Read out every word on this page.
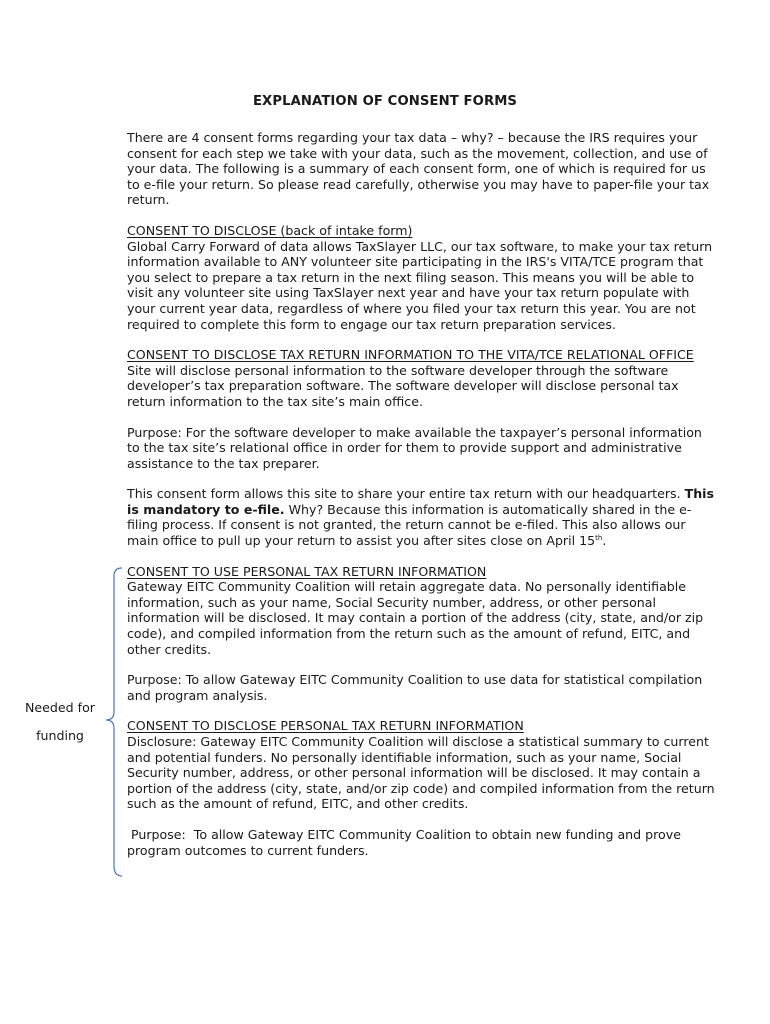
EXPLANATION OF CONSENT FORMS

There are 4 consent forms regarding your tax data – why? – because the IRS requires your consent for each step we take with your data, such as the movement, collection, and use of your data. The following is a summary of each consent form, one of which is required for us to e-file your return. So please read carefully, otherwise you may have to paper-file your tax return.

CONSENT TO DISCLOSE (back of intake form)
Global Carry Forward of data allows TaxSlayer LLC, our tax software, to make your tax return information available to ANY volunteer site participating in the IRS's VITA/TCE program that you select to prepare a tax return in the next filing season. This means you will be able to visit any volunteer site using TaxSlayer next year and have your tax return populate with your current year data, regardless of where you filed your tax return this year. You are not required to complete this form to engage our tax return preparation services.
CONSENT TO DISCLOSE TAX RETURN INFORMATION TO THE VITA/TCE RELATIONAL OFFICE
Site will disclose personal information to the software developer through the software developer’s tax preparation software. The software developer will disclose personal tax return information to the tax site’s main office.

Purpose: For the software developer to make available the taxpayer’s personal information to the tax site’s relational office in order for them to provide support and administrative assistance to the tax preparer.

This consent form allows this site to share your entire tax return with our headquarters. This is mandatory to e-file. Why? Because this information is automatically shared in the e-filing process. If consent is not granted, the return cannot be e-filed. This also allows our main office to pull up your return to assist you after sites close on April 15th.

CONSENT TO USE PERSONAL TAX RETURN INFORMATION
Gateway EITC Community Coalition will retain aggregate data. No personally identifiable information, such as your name, Social Security number, address, or other personal information will be disclosed. It may contain a portion of the address (city, state, and/or zip code), and compiled information from the return such as the amount of refund, EITC, and other credits.

Purpose: To allow Gateway EITC Community Coalition to use data for statistical compilation and program analysis.

CONSENT TO DISCLOSE PERSONAL TAX RETURN INFORMATION
Disclosure: Gateway EITC Community Coalition will disclose a statistical summary to current and potential funders. No personally identifiable information, such as your name, Social Security number, address, or other personal information will be disclosed. It may contain a portion of the address (city, state, and/or zip code) and compiled information from the return such as the amount of refund, EITC, and other credits.

Purpose:  To allow Gateway EITC Community Coalition to obtain new funding and prove program outcomes to current funders.

Needed for
funding
